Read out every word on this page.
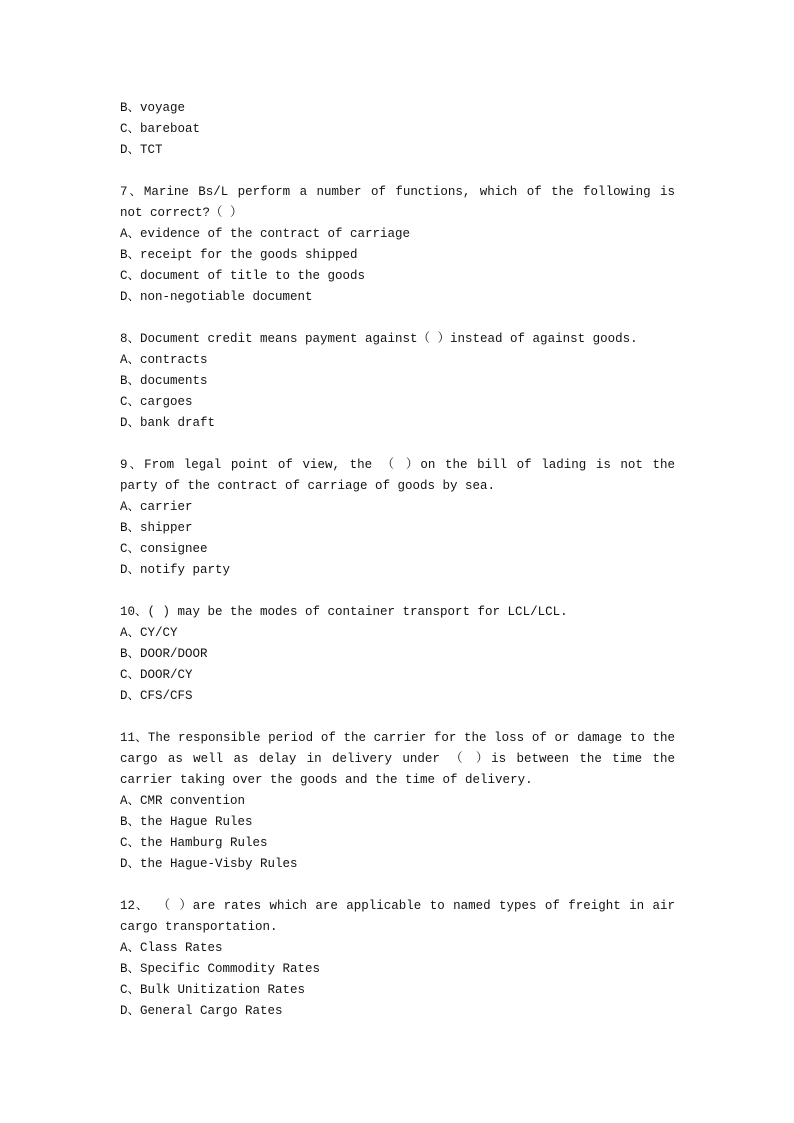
B、voyage
C、bareboat
D、TCT
7、Marine Bs/L perform a number of functions, which of the following is not correct?（ ）
A、evidence of the contract of carriage
B、receipt for the goods shipped
C、document of title to the goods
D、non-negotiable document
8、Document credit means payment against（ ）instead of against goods.
A、contracts
B、documents
C、cargoes
D、bank draft
9、From legal point of view, the （ ）on the bill of lading is not the party of the contract of carriage of goods by sea.
A、carrier
B、shipper
C、consignee
D、notify party
10、( ) may be the modes of container transport for LCL/LCL.
A、CY/CY
B、DOOR/DOOR
C、DOOR/CY
D、CFS/CFS
11、The responsible period of the carrier for the loss of or damage to the cargo as well as delay in delivery under （ ）is between the time the carrier taking over the goods and the time of delivery.
A、CMR convention
B、the Hague Rules
C、the Hamburg Rules
D、the Hague-Visby Rules
12、 （ ）are rates which are applicable to named types of freight in air cargo transportation.
A、Class Rates
B、Specific Commodity Rates
C、Bulk Unitization Rates
D、General Cargo Rates
